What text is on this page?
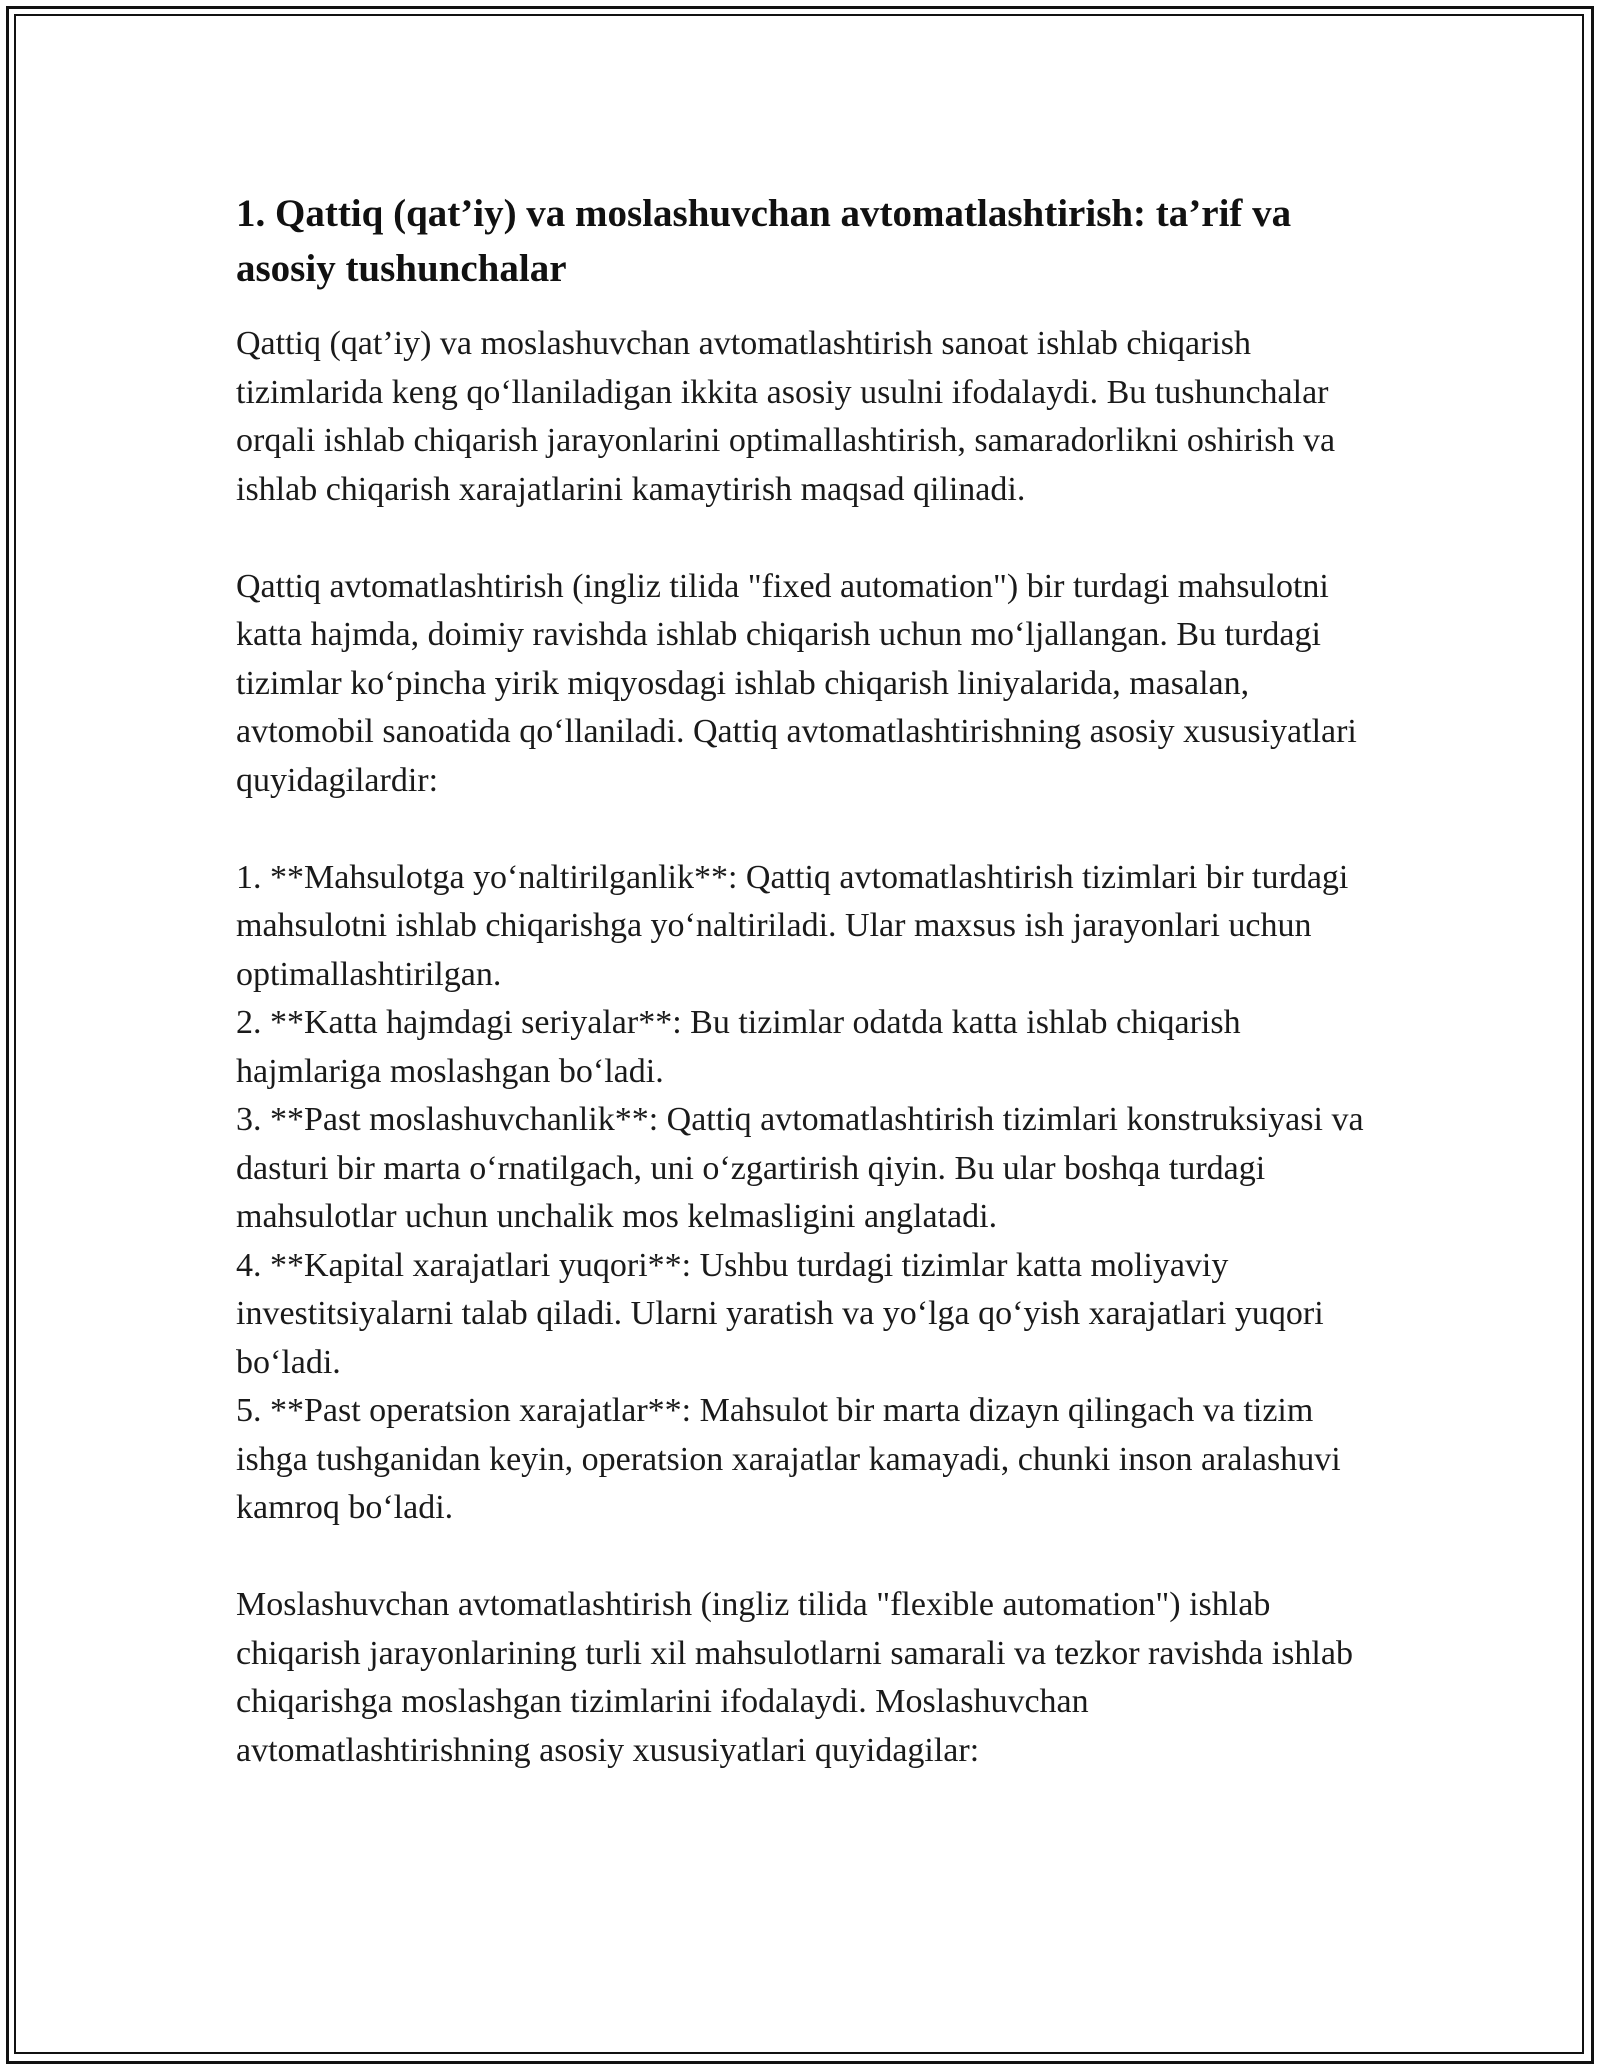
1. Qattiq (qat’iy) va moslashuvchan avtomatlashtirish: ta’rif va asosiy tushunchalar

Qattiq (qat’iy) va moslashuvchan avtomatlashtirish sanoat ishlab chiqarish tizimlarida keng qo‘llaniladigan ikkita asosiy usulni ifodalaydi. Bu tushunchalar orqali ishlab chiqarish jarayonlarini optimallashtirish, samaradorlikni oshirish va ishlab chiqarish xarajatlarini kamaytirish maqsad qilinadi.

Qattiq avtomatlashtirish (ingliz tilida "fixed automation") bir turdagi mahsulotni katta hajmda, doimiy ravishda ishlab chiqarish uchun mo‘ljallangan. Bu turdagi tizimlar ko‘pincha yirik miqyosdagi ishlab chiqarish liniyalarida, masalan, avtomobil sanoatida qo‘llaniladi. Qattiq avtomatlashtirishning asosiy xususiyatlari quyidagilardir:

1. **Mahsulotga yo‘naltirilganlik**: Qattiq avtomatlashtirish tizimlari bir turdagi mahsulotni ishlab chiqarishga yo‘naltiriladi. Ular maxsus ish jarayonlari uchun optimallashtirilgan.

2. **Katta hajmdagi seriyalar**: Bu tizimlar odatda katta ishlab chiqarish hajmlariga moslashgan bo‘ladi.

3. **Past moslashuvchanlik**: Qattiq avtomatlashtirish tizimlari konstruksiyasi va dasturi bir marta o‘rnatilgach, uni o‘zgartirish qiyin. Bu ular boshqa turdagi mahsulotlar uchun unchalik mos kelmasligini anglatadi.

4. **Kapital xarajatlari yuqori**: Ushbu turdagi tizimlar katta moliyaviy investitsiyalarni talab qiladi. Ularni yaratish va yo‘lga qo‘yish xarajatlari yuqori bo‘ladi.

5. **Past operatsion xarajatlar**: Mahsulot bir marta dizayn qilingach va tizim ishga tushganidan keyin, operatsion xarajatlar kamayadi, chunki inson aralashuvi kamroq bo‘ladi.

Moslashuvchan avtomatlashtirish (ingliz tilida "flexible automation") ishlab chiqarish jarayonlarining turli xil mahsulotlarni samarali va tezkor ravishda ishlab chiqarishga moslashgan tizimlarini ifodalaydi. Moslashuvchan avtomatlashtirishning asosiy xususiyatlari quyidagilar:
